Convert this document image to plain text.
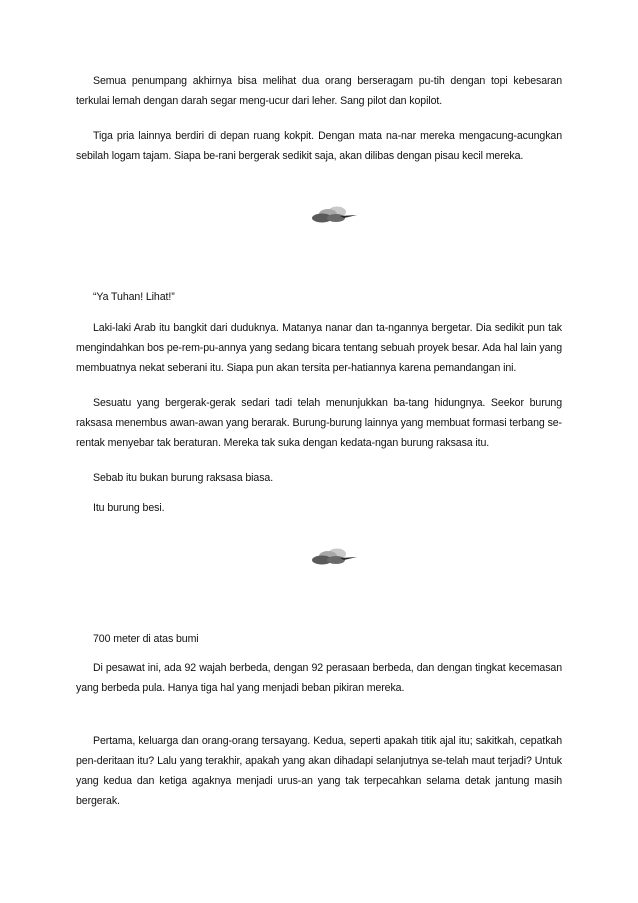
Semua penumpang akhirnya bisa melihat dua orang berseragam pu-tih dengan topi kebesaran terkulai lemah dengan darah segar meng-ucur dari leher. Sang pilot dan kopilot.

Tiga pria lainnya berdiri di depan ruang kokpit. Dengan mata na-nar mereka mengacung-acungkan sebilah logam tajam. Siapa be-rani bergerak sedikit saja, akan dilibas dengan pisau kecil mereka.

“Ya Tuhan! Lihat!”

Laki-laki Arab itu bangkit dari duduknya. Matanya nanar dan ta-ngannya bergetar. Dia sedikit pun tak mengindahkan bos pe-rem-pu-annya yang sedang bicara tentang sebuah proyek besar. Ada hal lain yang membuatnya nekat seberani itu. Siapa pun akan tersita per-hatiannya karena pemandangan ini.

Sesuatu yang bergerak-gerak sedari tadi telah menunjukkan ba-tang hidungnya. Seekor burung raksasa menembus awan-awan yang berarak. Burung-burung lainnya yang membuat formasi terbang se-rentak menyebar tak beraturan. Mereka tak suka dengan kedata-ngan burung raksasa itu.

Sebab itu bukan burung raksasa biasa.

Itu burung besi.

700 meter di atas bumi

Di pesawat ini, ada 92 wajah berbeda, dengan 92 perasaan berbeda, dan dengan tingkat kecemasan yang berbeda pula. Hanya tiga hal yang menjadi beban pikiran mereka.

Pertama, keluarga dan orang-orang tersayang. Kedua, seperti apakah titik ajal itu; sakitkah, cepatkah pen-deritaan itu? Lalu yang terakhir, apakah yang akan dihadapi selanjutnya se-telah maut terjadi? Untuk yang kedua dan ketiga agaknya menjadi urus-an yang tak terpecahkan selama detak jantung masih bergerak.
